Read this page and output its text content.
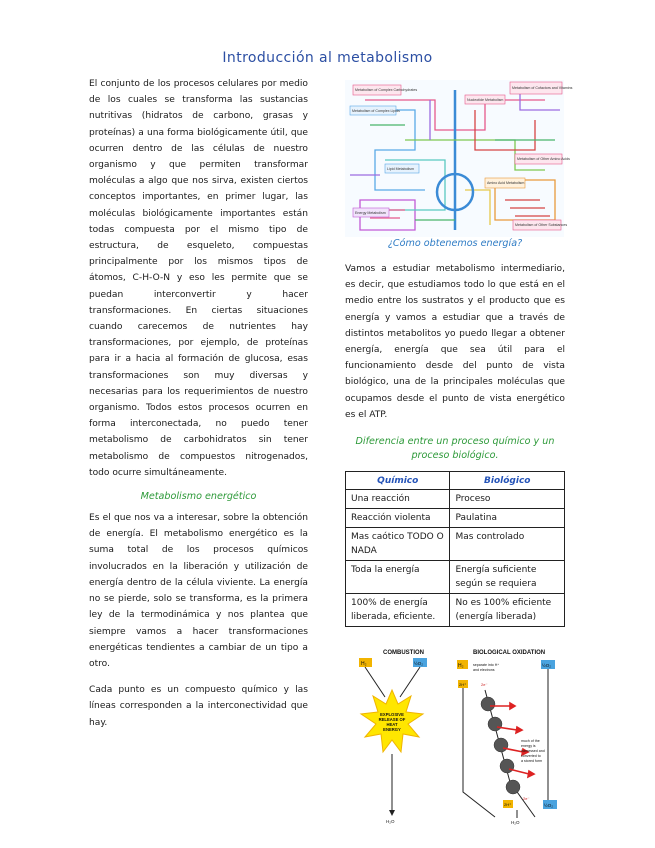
Introducción al metabolismo

El conjunto de los procesos celulares por medio de los cuales se transforma las sustancias nutritivas (hidratos de carbono, grasas y proteínas) a una forma biológicamente útil, que ocurren dentro de las células de nuestro organismo y que permiten transformar moléculas a algo que nos sirva, existen ciertos conceptos importantes, en primer lugar, las moléculas biológicamente importantes están todas compuesta por el mismo tipo de estructura, de esqueleto, compuestas principalmente por los mismos tipos de átomos, C-H-O-N y eso les permite que se puedan interconvertir y hacer transformaciones. En ciertas situaciones cuando carecemos de nutrientes hay transformaciones, por ejemplo, de proteínas para ir a hacia al formación de glucosa, esas transformaciones son muy diversas y necesarias para los requerimientos de nuestro organismo. Todos estos procesos ocurren en forma interconectada, no puedo tener metabolismo de carbohidratos sin tener metabolismo de compuestos nitrogenados, todo ocurre simultáneamente.

Metabolismo energético

Es el que nos va a interesar, sobre la obtención de energía. El metabolismo energético es la suma total de los procesos químicos involucrados en la liberación y utilización de energía dentro de la célula viviente. La energía no se pierde, solo se transforma, es la primera ley de la termodinámica y nos plantea que siempre vamos a hacer transformaciones energéticas tendientes a cambiar de un tipo a otro.

Cada punto es un compuesto químico y las líneas corresponden a la interconectividad que hay.

Metabolism of Complex Carbohydrates	Metabolism of Cofactors and Vitamins
Nucleotide Metabolism
Metabolism of Complex Lipids
Metabolism of Other Amino Acids
Lipid Metabolism
Amino Acid Metabolism
Energy Metabolism
Metabolism of Other Substances
¿Cómo obtenemos energía?

Vamos a estudiar metabolismo intermediario, es decir, que estudiamos todo lo que está en el medio entre los sustratos y el producto que es energía y vamos a estudiar que a través de distintos metabolitos yo puedo llegar a obtener energía, energía que sea útil para el funcionamiento desde del punto de vista biológico, una de la principales moléculas que ocupamos desde el punto de vista energético es el ATP.

Diferencia entre un proceso químico y un proceso biológico.
Químico	Biológico
Una reacción	Proceso
Reacción violenta	Paulatina
Mas caótico TODO O NADA	Mas controlado
Toda la energía	Energía suficiente según se requiera
100% de energía liberada, eficiente.	No es 100% eficiente (energía liberada)
COMBUSTION	BIOLOGICAL OXIDATION
H₂	½O₂
EXPLOSIVE
RELEASE OF
HEAT
ENERGY
H₂O
H₂	½O₂
separate into H⁺
and electrons
2H⁺	2e⁻
much of the
energy is
harnessed and
converted to
a stored form
2H⁺
2e⁻
½O₂
H₂O
